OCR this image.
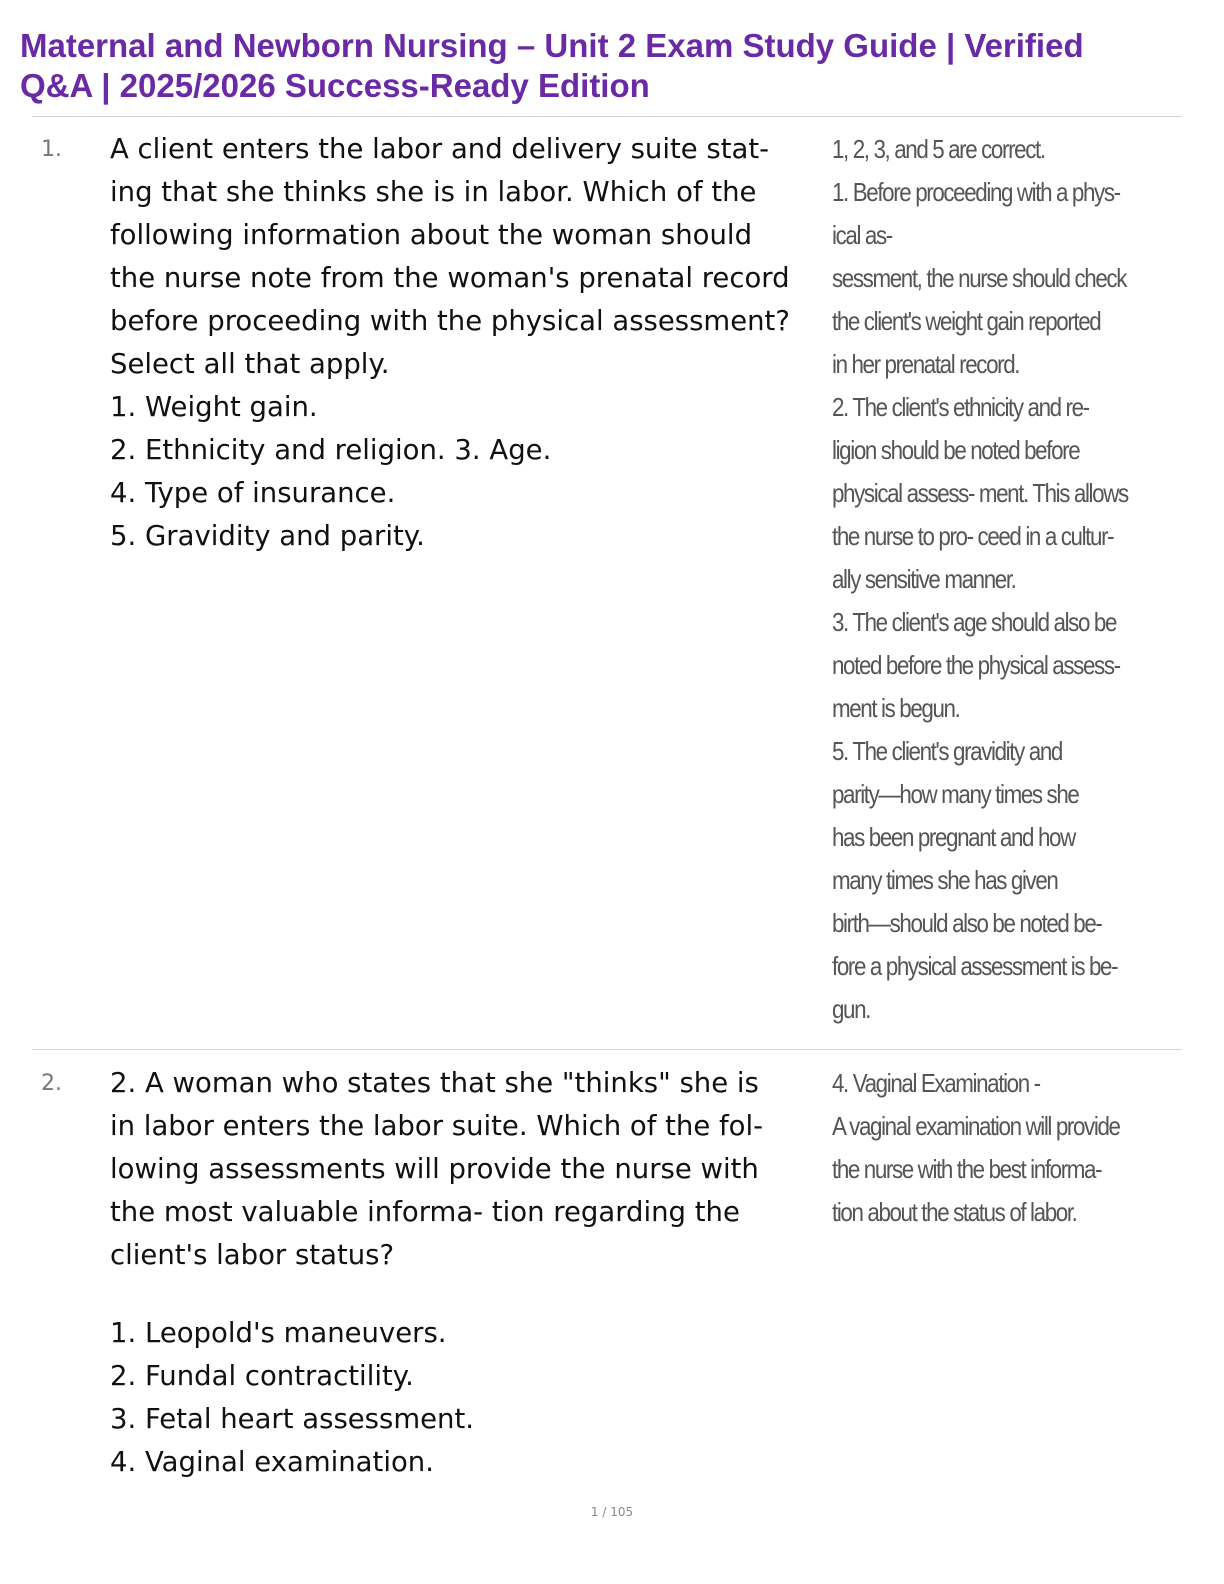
Maternal and Newborn Nursing – Unit 2 Exam Study Guide | Verified
Q&A | 2025/2026 Success-Ready Edition
1. A client enters the labor and delivery suite stat-
ing that she thinks she is in labor. Which of the
following information about the woman should
the nurse note from the woman's prenatal record
before proceeding with the physical assessment?
Select all that apply.
1. Weight gain.
2. Ethnicity and religion. 3. Age.
4. Type of insurance.
5. Gravidity and parity.
1, 2, 3, and 5 are correct.
1. Before proceeding with a phys-
ical as-
sessment, the nurse should check
the client's weight gain reported
in her prenatal record.
2. The client's ethnicity and re-
ligion should be noted before
physical assess- ment. This allows
the nurse to pro- ceed in a cultur-
ally sensitive manner.
3. The client's age should also be
noted before the physical assess-
ment is begun.
5. The client's gravidity and
parity—how many times she
has been pregnant and how
many times she has given
birth—should also be noted be-
fore a physical assessment is be-
gun.
2. 2. A woman who states that she "thinks" she is
in labor enters the labor suite. Which of the fol-
lowing assessments will provide the nurse with
the most valuable informa- tion regarding the
client's labor status?
1. Leopold's maneuvers.
2. Fundal contractility.
3. Fetal heart assessment.
4. Vaginal examination.
4. Vaginal Examination -
A vaginal examination will provide
the nurse with the best informa-
tion about the status of labor.
1 / 105
